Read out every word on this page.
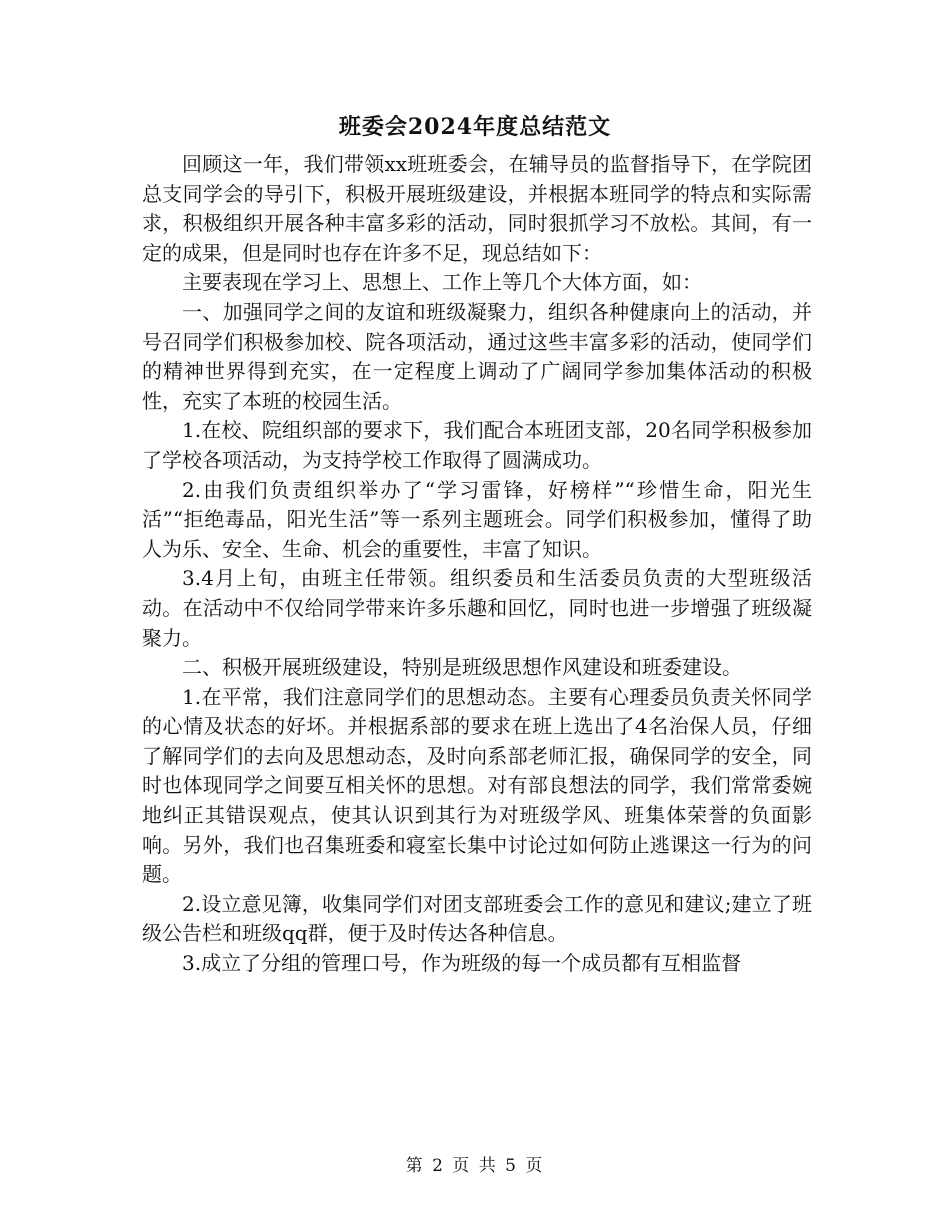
班委会2024年度总结范文

回顾这一年，我们带领xx班班委会，在辅导员的监督指导下，在学院团总支同学会的导引下，积极开展班级建设，并根据本班同学的特点和实际需求，积极组织开展各种丰富多彩的活动，同时狠抓学习不放松。其间，有一定的成果，但是同时也存在许多不足，现总结如下：

主要表现在学习上、思想上、工作上等几个大体方面，如：

一、加强同学之间的友谊和班级凝聚力，组织各种健康向上的活动，并号召同学们积极参加校、院各项活动，通过这些丰富多彩的活动，使同学们的精神世界得到充实，在一定程度上调动了广阔同学参加集体活动的积极性，充实了本班的校园生活。

1.在校、院组织部的要求下，我们配合本班团支部，20名同学积极参加了学校各项活动，为支持学校工作取得了圆满成功。

2.由我们负责组织举办了“学习雷锋，好榜样”“珍惜生命，阳光生活”“拒绝毒品，阳光生活”等一系列主题班会。同学们积极参加，懂得了助人为乐、安全、生命、机会的重要性，丰富了知识。

3.4月上旬，由班主任带领。组织委员和生活委员负责的大型班级活动。在活动中不仅给同学带来许多乐趣和回忆，同时也进一步增强了班级凝聚力。

二、积极开展班级建设，特别是班级思想作风建设和班委建设。

1.在平常，我们注意同学们的思想动态。主要有心理委员负责关怀同学的心情及状态的好坏。并根据系部的要求在班上选出了4名治保人员，仔细了解同学们的去向及思想动态，及时向系部老师汇报，确保同学的安全，同时也体现同学之间要互相关怀的思想。对有部良想法的同学，我们常常委婉地纠正其错误观点，使其认识到其行为对班级学风、班集体荣誉的负面影响。另外，我们也召集班委和寝室长集中讨论过如何防止逃课这一行为的问题。

2.设立意见簿，收集同学们对团支部班委会工作的意见和建议;建立了班级公告栏和班级qq群，便于及时传达各种信息。

3.成立了分组的管理口号，作为班级的每一个成员都有互相监督

第 2 页 共 5 页
